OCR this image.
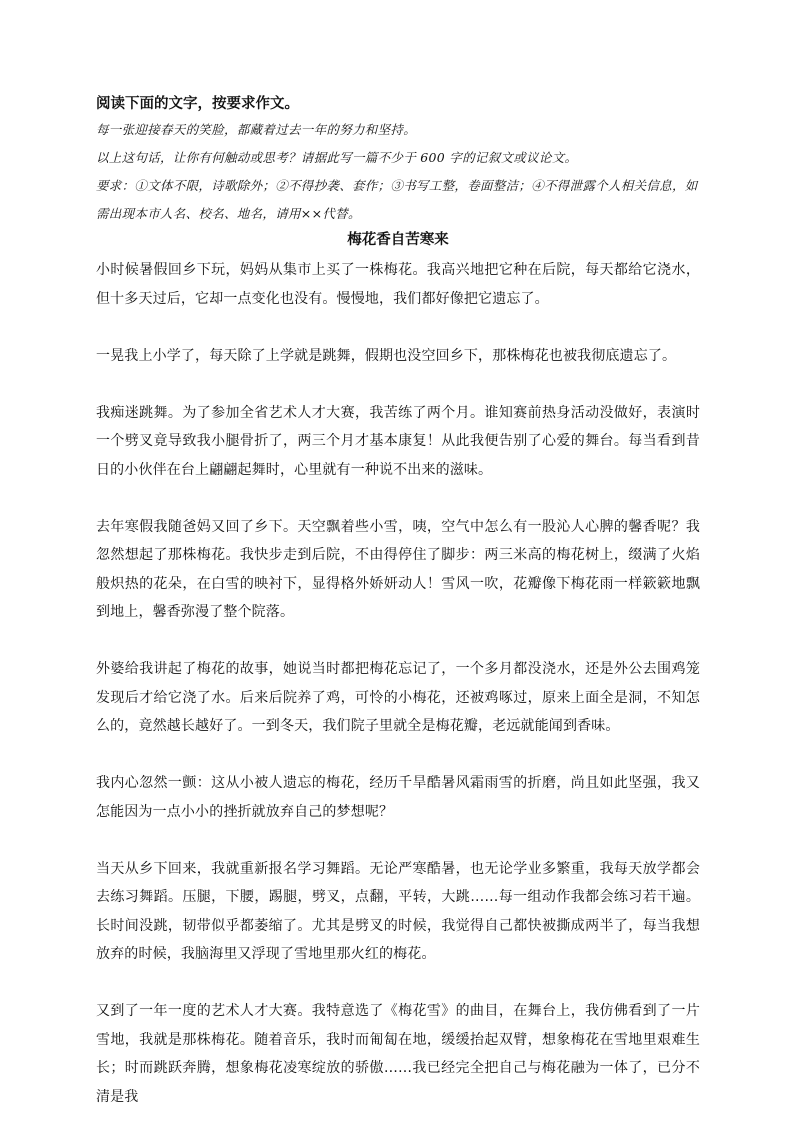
阅读下面的文字，按要求作文。

每一张迎接春天的笑脸，都藏着过去一年的努力和坚持。

以上这句话，让你有何触动或思考？请据此写一篇不少于 600 字的记叙文或议论文。

要求：①文体不限，诗歌除外；②不得抄袭、套作；③书写工整，卷面整洁；④不得泄露个人相关信息，如需出现本市人名、校名、地名，请用××代替。

梅花香自苦寒来

小时候暑假回乡下玩，妈妈从集市上买了一株梅花。我高兴地把它种在后院，每天都给它浇水，但十多天过后，它却一点变化也没有。慢慢地，我们都好像把它遗忘了。

一晃我上小学了，每天除了上学就是跳舞，假期也没空回乡下，那株梅花也被我彻底遗忘了。

我痴迷跳舞。为了参加全省艺术人才大赛，我苦练了两个月。谁知赛前热身活动没做好，表演时一个劈叉竟导致我小腿骨折了，两三个月才基本康复！从此我便告别了心爱的舞台。每当看到昔日的小伙伴在台上翩翩起舞时，心里就有一种说不出来的滋味。

去年寒假我随爸妈又回了乡下。天空飘着些小雪，咦，空气中怎么有一股沁人心脾的馨香呢？我忽然想起了那株梅花。我快步走到后院，不由得停住了脚步：两三米高的梅花树上，缀满了火焰般炽热的花朵，在白雪的映衬下，显得格外娇妍动人！雪风一吹，花瓣像下梅花雨一样簌簌地飘到地上，馨香弥漫了整个院落。

外婆给我讲起了梅花的故事，她说当时都把梅花忘记了，一个多月都没浇水，还是外公去围鸡笼发现后才给它浇了水。后来后院养了鸡，可怜的小梅花，还被鸡啄过，原来上面全是洞，不知怎么的，竟然越长越好了。一到冬天，我们院子里就全是梅花瓣，老远就能闻到香味。

我内心忽然一颤：这从小被人遗忘的梅花，经历千旱酷暑风霜雨雪的折磨，尚且如此坚强，我又怎能因为一点小小的挫折就放弃自己的梦想呢？

当天从乡下回来，我就重新报名学习舞蹈。无论严寒酷暑，也无论学业多繁重，我每天放学都会去练习舞蹈。压腿，下腰，踢腿，劈叉，点翻，平转，大跳……每一组动作我都会练习若干遍。长时间没跳，韧带似乎都萎缩了。尤其是劈叉的时候，我觉得自己都快被撕成两半了，每当我想放弃的时候，我脑海里又浮现了雪地里那火红的梅花。

又到了一年一度的艺术人才大赛。我特意选了《梅花雪》的曲目，在舞台上，我仿佛看到了一片雪地，我就是那株梅花。随着音乐，我时而匍匐在地，缓缓抬起双臂，想象梅花在雪地里艰难生长；时而跳跃奔腾，想象梅花凌寒绽放的骄傲……我已经完全把自己与梅花融为一体了，已分不清是我
